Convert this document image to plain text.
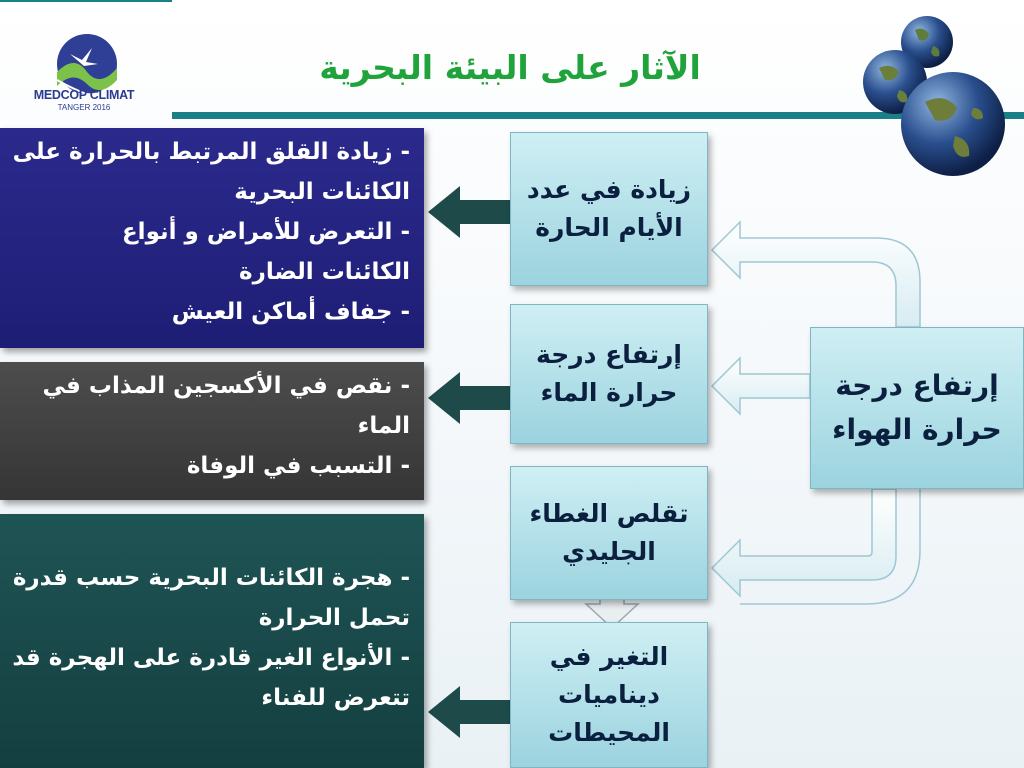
MEDCOP CLIMAT
TANGER 2016
الآثار على البيئة البحرية

- زيادة القلق المرتبط بالحرارة على

الكائنات البحرية

- التعرض للأمراض و أنواع

الكائنات الضارة

- جفاف أماكن العيش

- نقص في الأكسجين المذاب في

الماء

- التسبب في الوفاة

- هجرة الكائنات البحرية حسب قدرة

تحمل الحرارة

- الأنواع الغير قادرة على الهجرة قد

تتعرض للفناء

زيادة في عدد
الأيام الحارة
إرتفاع درجة
حرارة الماء
تقلص الغطاء
الجليدي
التغير في
ديناميات
المحيطات
إرتفاع درجة
حرارة الهواء
